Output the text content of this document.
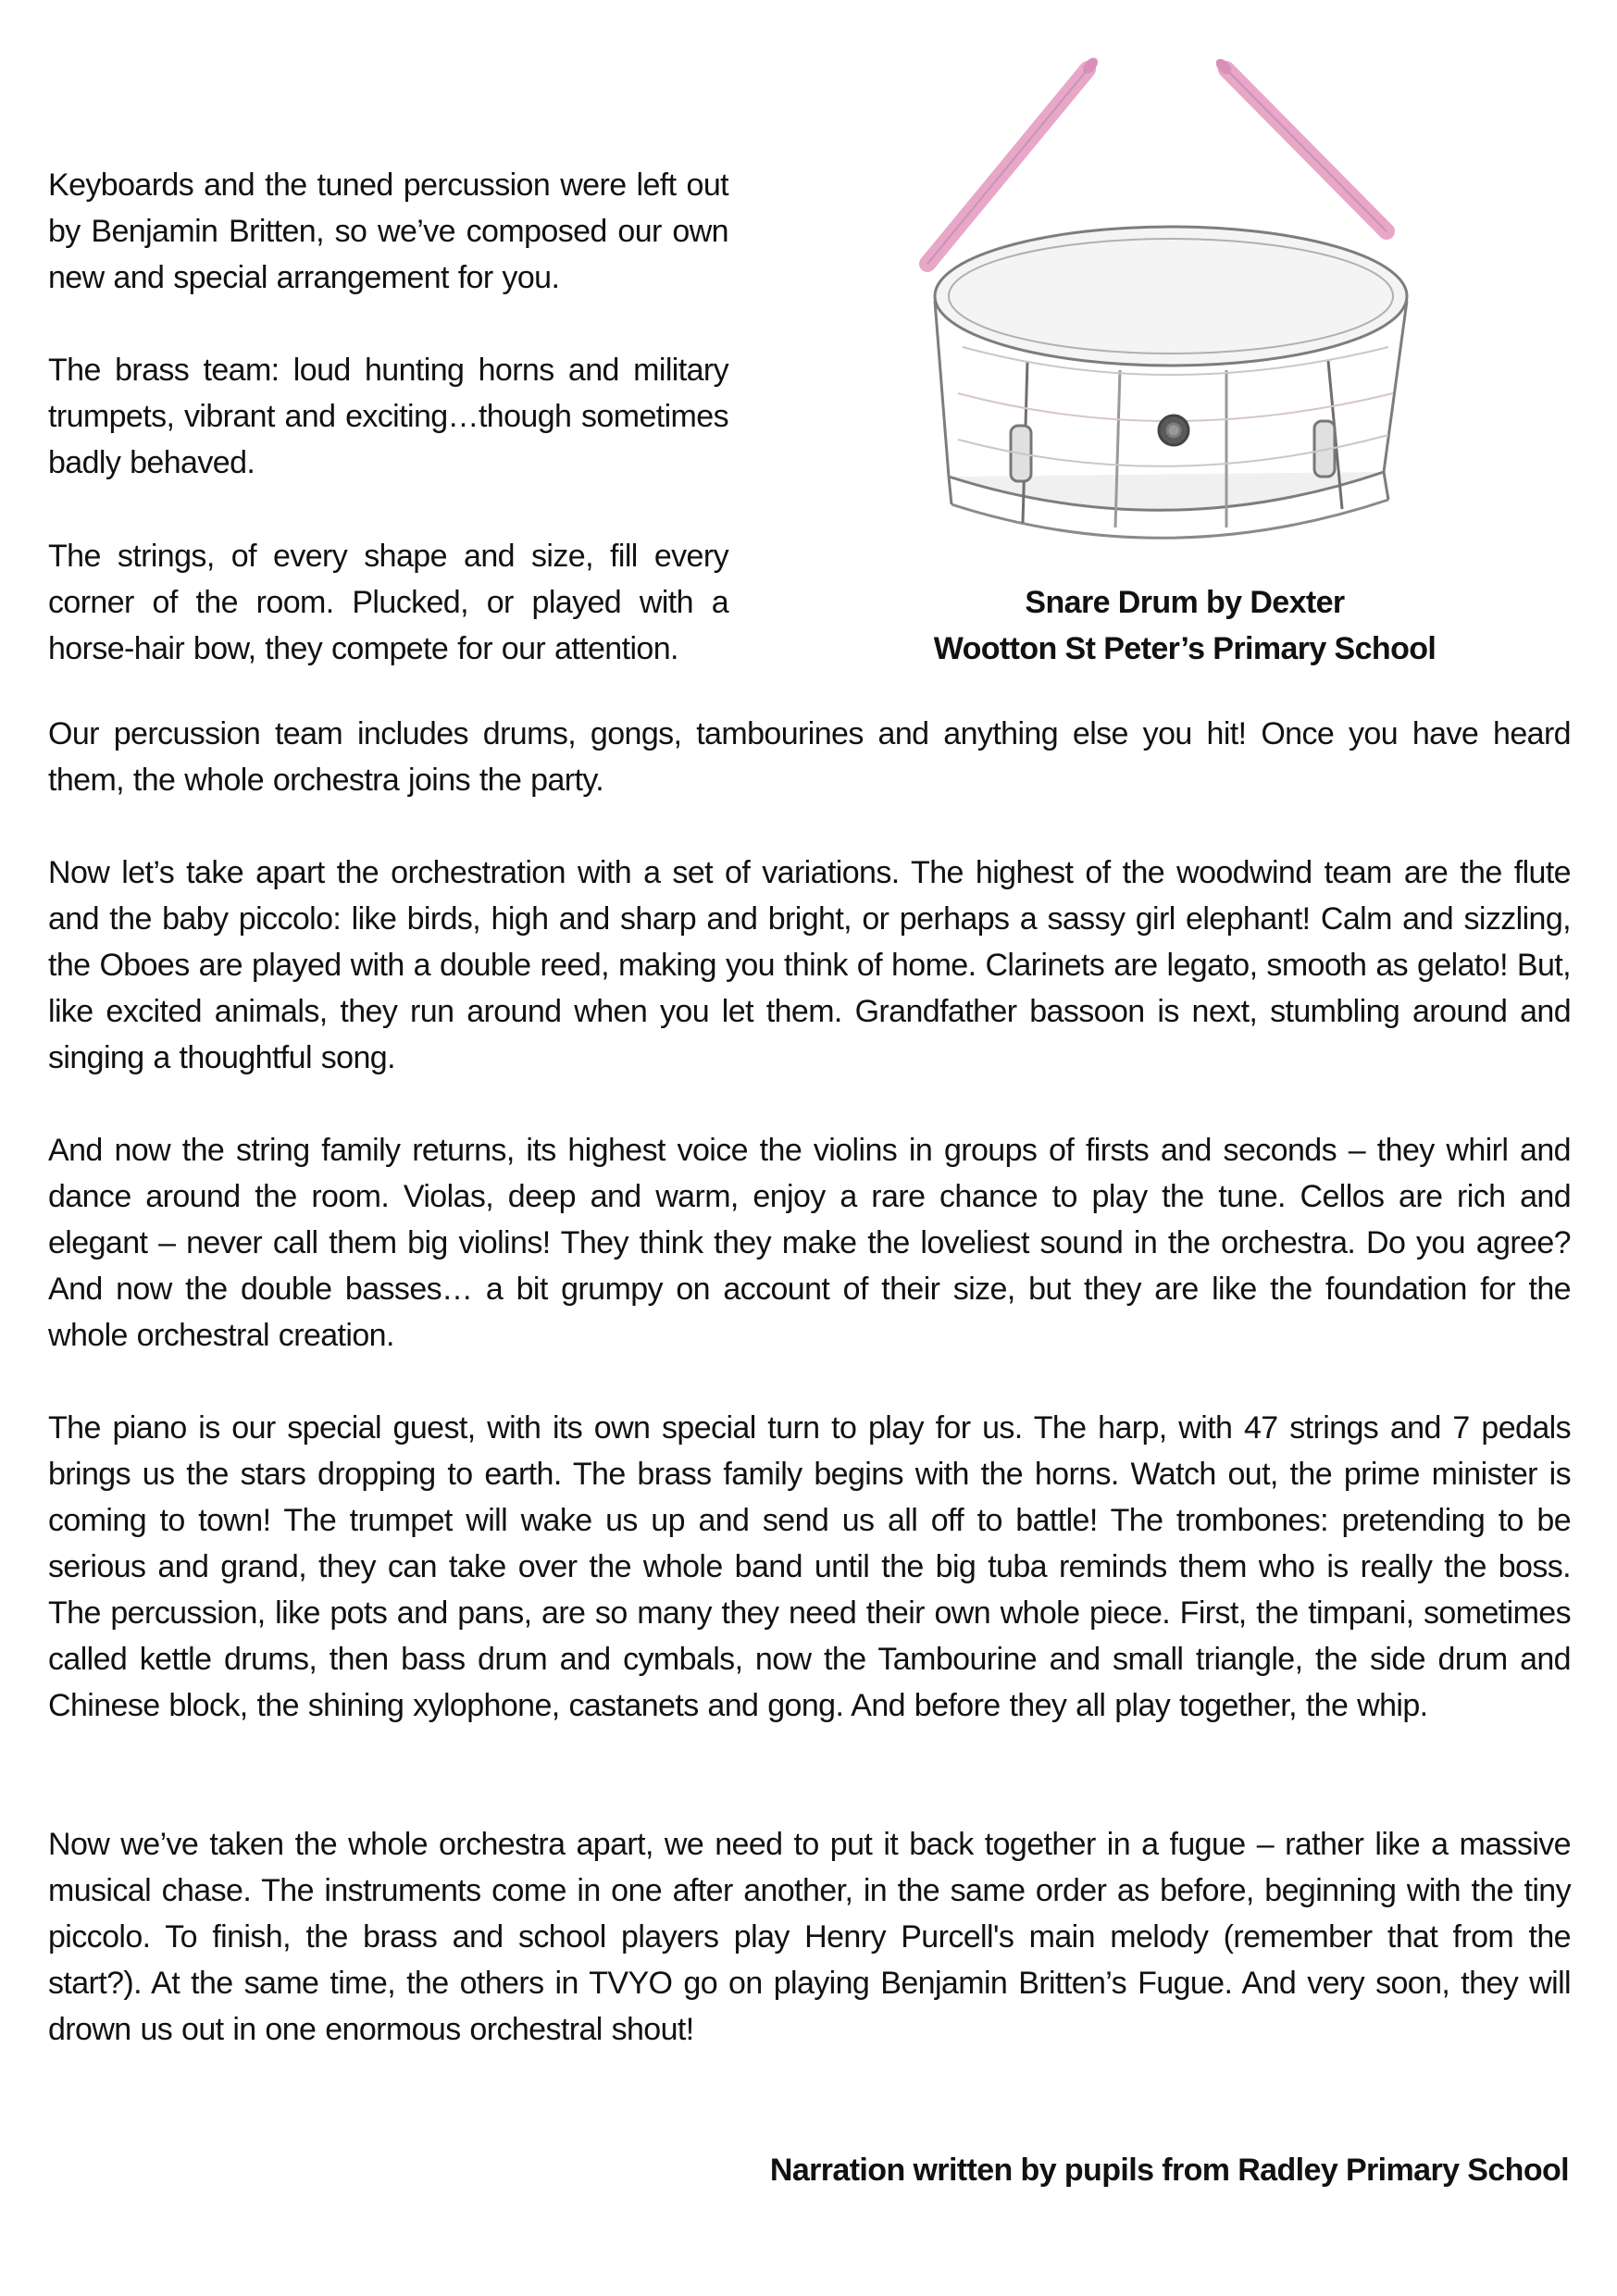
Keyboards and the tuned percussion were left out by Benjamin Britten, so we’ve composed our own new and special arrangement for you.

The brass team: loud hunting horns and military trumpets, vibrant and exciting…though sometimes badly behaved.

The strings, of every shape and size, fill every corner of the room. Plucked, or played with a horse-hair bow, they compete for our attention.

Snare Drum by Dexter
Wootton St Peter’s Primary School

Our percussion team includes drums, gongs, tambourines and anything else you hit! Once you have heard them, the whole orchestra joins the party.

Now let’s take apart the orchestration with a set of variations. The highest of the woodwind team are the flute and the baby piccolo: like birds, high and sharp and bright, or perhaps a sassy girl elephant! Calm and sizzling, the Oboes are played with a double reed, making you think of home. Clarinets are legato, smooth as gelato! But, like excited animals, they run around when you let them. Grandfather bassoon is next, stumbling around and singing a thoughtful song.

And now the string family returns, its highest voice the violins in groups of firsts and seconds – they whirl and dance around the room. Violas, deep and warm, enjoy a rare chance to play the tune. Cellos are rich and elegant – never call them big violins! They think they make the loveliest sound in the orchestra. Do you agree? And now the double basses… a bit grumpy on account of their size, but they are like the foundation for the whole orchestral creation.

The piano is our special guest, with its own special turn to play for us. The harp, with 47 strings and 7 pedals brings us the stars dropping to earth. The brass family begins with the horns. Watch out, the prime minister is coming to town! The trumpet will wake us up and send us all off to battle! The trombones: pretending to be serious and grand, they can take over the whole band until the big tuba reminds them who is really the boss. The percussion, like pots and pans, are so many they need their own whole piece. First, the timpani, sometimes called kettle drums, then bass drum and cymbals, now the Tambourine and small triangle, the side drum and Chinese block, the shining xylophone, castanets and gong. And before they all play together, the whip.

Now we’ve taken the whole orchestra apart, we need to put it back together in a fugue – rather like a massive musical chase. The instruments come in one after another, in the same order as before, beginning with the tiny piccolo. To finish, the brass and school players play Henry Purcell's main melody (remember that from the start?). At the same time, the others in TVYO go on playing Benjamin Britten’s Fugue. And very soon, they will drown us out in one enormous orchestral shout!

Narration written by pupils from Radley Primary School
